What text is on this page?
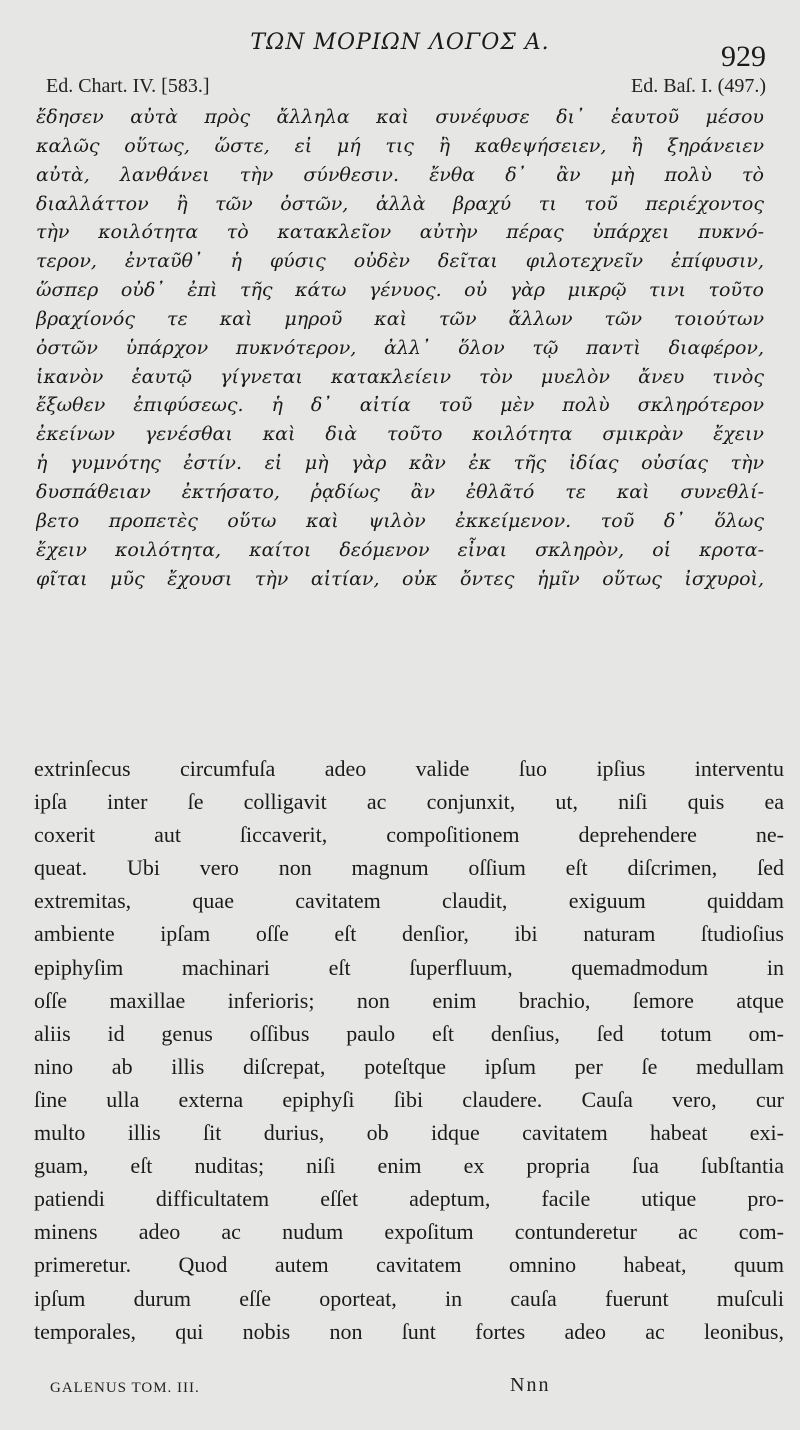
ΤΩΝ ΜΟΡΙΩΝ ΛΟΓΟΣ Α.	929
Ed. Chart. IV. [583.]	Ed. Baſ. I. (497.)
ἔδησεν αὐτὰ πρὸς ἄλληλα καὶ συνέφυσε δι᾽ ἑαυτοῦ μέσου
καλῶς οὕτως, ὥστε, εἰ μή τις ἢ καθεψήσειεν, ἢ ξηράνειεν
αὐτὰ, λανθάνει τὴν σύνθεσιν. ἔνθα δ᾽ ἂν μὴ πολὺ τὸ
διαλλάττον ἢ τῶν ὀστῶν, ἀλλὰ βραχύ τι τοῦ περιέχοντος
τὴν κοιλότητα τὸ κατακλεῖον αὐτὴν πέρας ὑπάρχει πυκνό-
τερον, ἐνταῦθ᾽ ἡ φύσις οὐδὲν δεῖται φιλοτεχνεῖν ἐπίφυσιν,
ὥσπερ οὐδ᾽ ἐπὶ τῆς κάτω γένυος. οὐ γὰρ μικρῷ τινι τοῦτο
βραχίονός τε καὶ μηροῦ καὶ τῶν ἄλλων τῶν τοιούτων
ὀστῶν ὑπάρχον πυκνότερον, ἀλλ᾽ ὅλον τῷ παντὶ διαφέρον,
ἱκανὸν ἑαυτῷ γίγνεται κατακλείειν τὸν μυελὸν ἄνευ τινὸς
ἔξωθεν ἐπιφύσεως. ἡ δ᾽ αἰτία τοῦ μὲν πολὺ σκληρότερον
ἐκείνων γενέσθαι καὶ διὰ τοῦτο κοιλότητα σμικρὰν ἔχειν
ἡ γυμνότης ἐστίν. εἰ μὴ γὰρ κἂν ἐκ τῆς ἰδίας οὐσίας τὴν
δυσπάθειαν ἐκτήσατο, ῥᾳδίως ἂν ἐθλᾶτό τε καὶ συνεθλί-
βετο προπετὲς οὕτω καὶ ψιλὸν ἐκκείμενον. τοῦ δ᾽ ὅλως
ἔχειν κοιλότητα, καίτοι δεόμενον εἶναι σκληρὸν, οἱ κροτα-
φῖται μῦς ἔχουσι τὴν αἰτίαν, οὐκ ὄντες ἡμῖν οὕτως ἰσχυροὶ,
extrinſecus circumfuſa adeo valide ſuo ipſius interventu
ipſa inter ſe colligavit ac conjunxit, ut, niſi quis ea
coxerit aut ſiccaverit, compoſitionem deprehendere ne-
queat. Ubi vero non magnum oſſium eſt diſcrimen, ſed
extremitas, quae cavitatem claudit, exiguum quiddam
ambiente ipſam oſſe eſt denſior, ibi naturam ſtudioſius
epiphyſim machinari eſt ſuperfluum, quemadmodum in
oſſe maxillae inferioris; non enim brachio, ſemore atque
aliis id genus oſſibus paulo eſt denſius, ſed totum om-
nino ab illis diſcrepat, poteſtque ipſum per ſe medullam
ſine ulla externa epiphyſi ſibi claudere. Cauſa vero, cur
multo illis ſit durius, ob idque cavitatem habeat exi-
guam, eſt nuditas; niſi enim ex propria ſua ſubſtantia
patiendi difficultatem eſſet adeptum, facile utique pro-
minens adeo ac nudum expoſitum contunderetur ac com-
primeretur. Quod autem cavitatem omnino habeat, quum
ipſum durum eſſe oporteat, in cauſa fuerunt muſculi
temporales, qui nobis non ſunt fortes adeo ac leonibus,
GALENUS TOM. III.	Nnn
